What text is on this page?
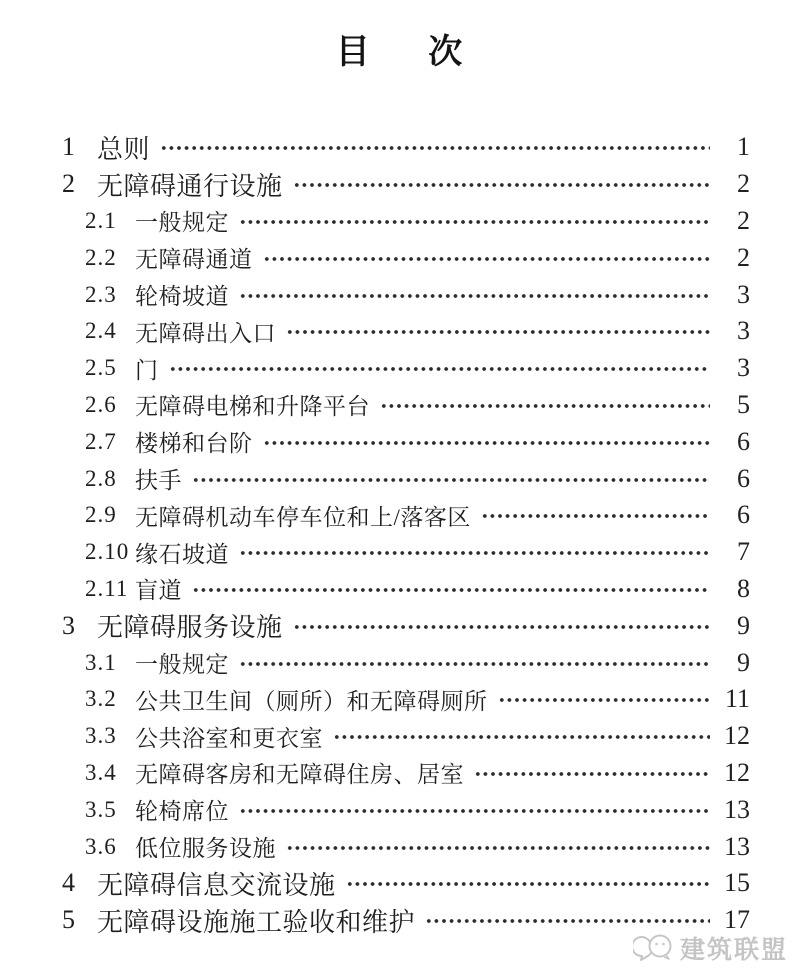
目 次
1 总则	1
2 无障碍通行设施	2
2.1 一般规定	2
2.2 无障碍通道	2
2.3 轮椅坡道	3
2.4 无障碍出入口	3
2.5 门	3
2.6 无障碍电梯和升降平台	5
2.7 楼梯和台阶	6
2.8 扶手	6
2.9 无障碍机动车停车位和上/落客区	6
2.10 缘石坡道	7
2.11 盲道	8
3 无障碍服务设施	9
3.1 一般规定	9
3.2 公共卫生间（厕所）和无障碍厕所	11
3.3 公共浴室和更衣室	12
3.4 无障碍客房和无障碍住房、居室	12
3.5 轮椅席位	13
3.6 低位服务设施	13
4 无障碍信息交流设施	15
5 无障碍设施施工验收和维护	17
建筑联盟
